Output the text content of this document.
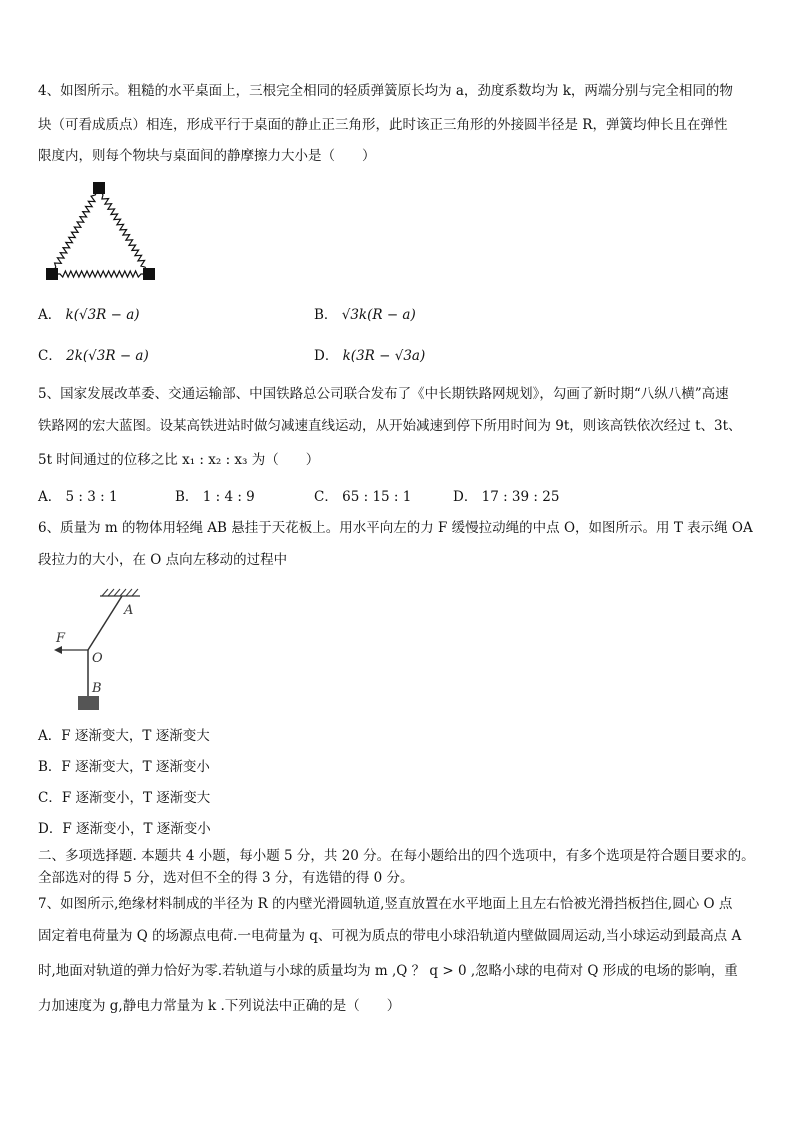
4、如图所示。粗糙的水平桌面上，三根完全相同的轻质弹簧原长均为 a，劲度系数均为 k，两端分别与完全相同的物
块（可看成质点）相连，形成平行于桌面的静止正三角形，此时该正三角形的外接圆半径是 R，弹簧均伸长且在弹性
限度内，则每个物块与桌面间的静摩擦力大小是（　　）
A． k(√3R − a)	B． √3k(R − a)
C． 2k(√3R − a)	D． k(3R − √3a)
5、国家发展改革委、交通运输部、中国铁路总公司联合发布了《中长期铁路网规划》，勾画了新时期“八纵八横”高速
铁路网的宏大蓝图。设某高铁进站时做匀减速直线运动，从开始减速到停下所用时间为 9t，则该高铁依次经过 t、3t、
5t 时间通过的位移之比 x₁ : x₂ : x₃ 为（　　）
A． 5 : 3 : 1	B． 1 : 4 : 9	C． 65 : 15 : 1	D． 17 : 39 : 25
6、质量为 m 的物体用轻绳 AB 悬挂于天花板上。用水平向左的力 F 缓慢拉动绳的中点 O，如图所示。用 T 表示绳 OA
段拉力的大小，在 O 点向左移动的过程中
A
F
O
B
A．F 逐渐变大，T 逐渐变大
B．F 逐渐变大，T 逐渐变小
C．F 逐渐变小，T 逐渐变大
D．F 逐渐变小，T 逐渐变小
二、多项选择题. 本题共 4 小题，每小题 5 分，共 20 分。在每小题给出的四个选项中，有多个选项是符合题目要求的。
全部选对的得 5 分，选对但不全的得 3 分，有选错的得 0 分。
7、如图所示,绝缘材料制成的半径为 R 的内壁光滑圆轨道,竖直放置在水平地面上且左右恰被光滑挡板挡住,圆心 O 点
固定着电荷量为 Q 的场源点电荷.一电荷量为 q、可视为质点的带电小球沿轨道内壁做圆周运动,当小球运动到最高点 A
时,地面对轨道的弹力恰好为零.若轨道与小球的质量均为 m ,Q ？ q > 0 ,忽略小球的电荷对 Q 形成的电场的影响，重
力加速度为 g,静电力常量为 k .下列说法中正确的是（　　）
